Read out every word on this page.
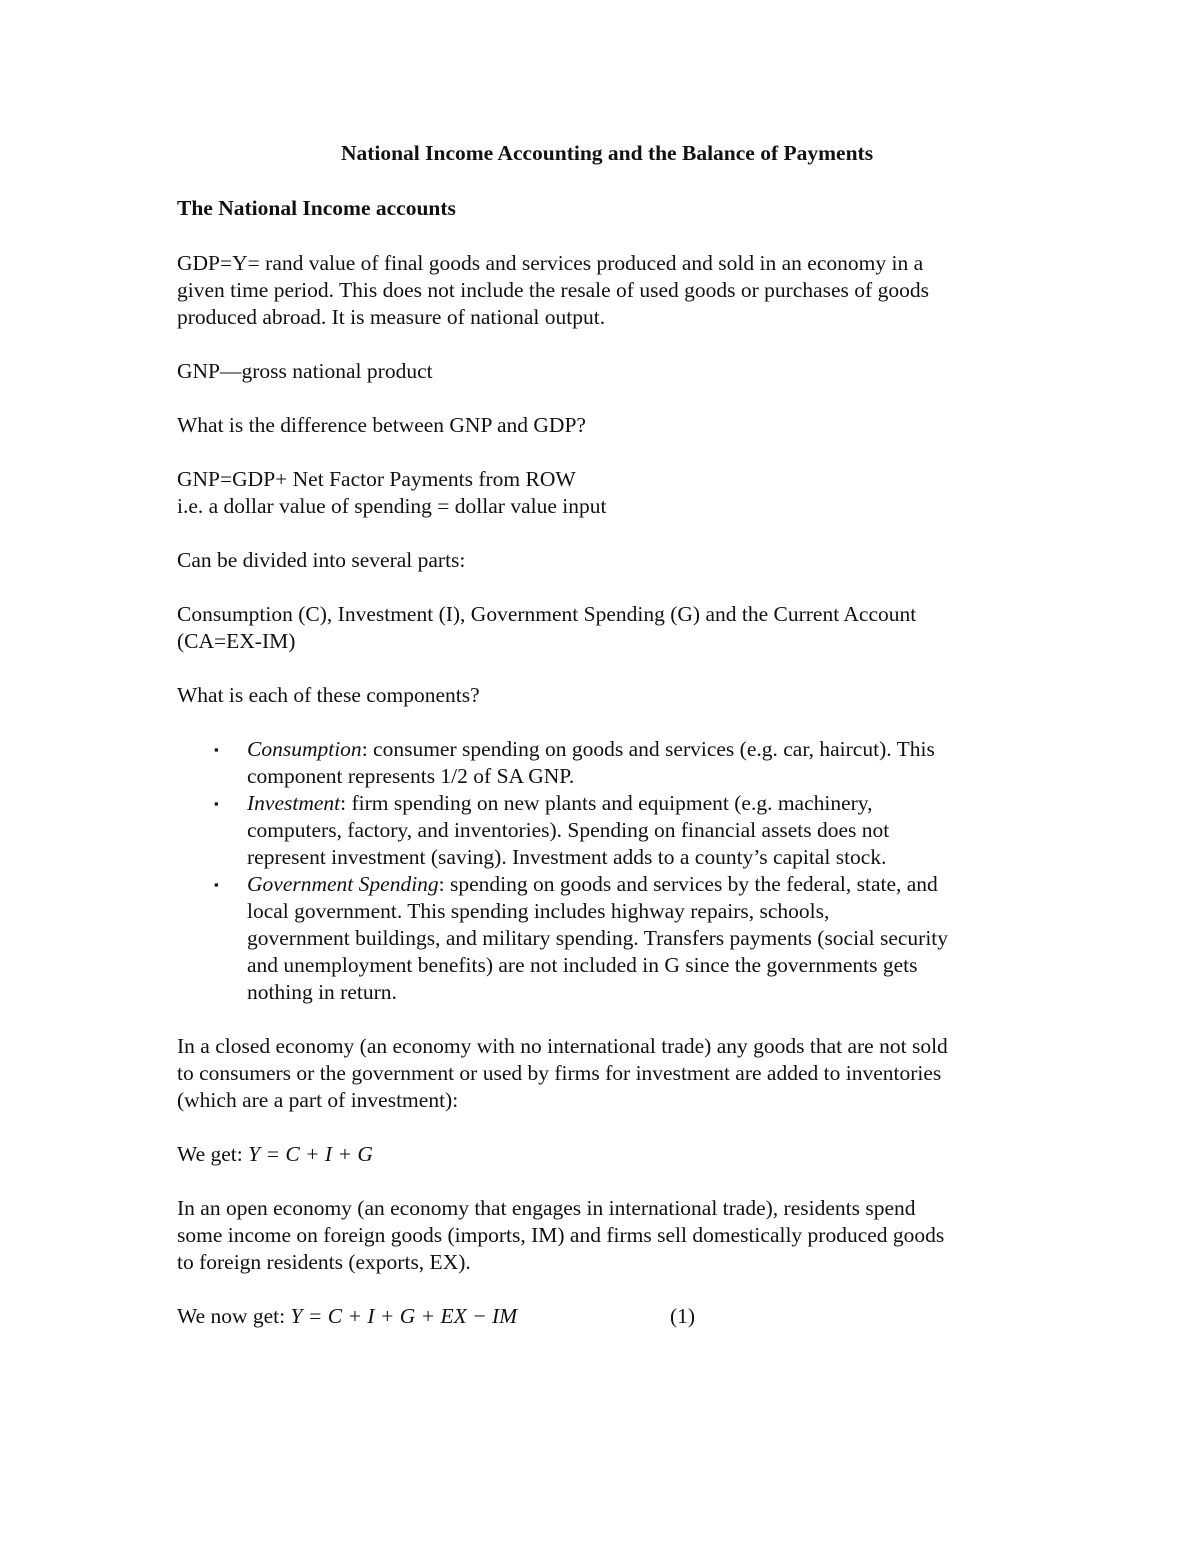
National Income Accounting and the Balance of Payments
The National Income accounts

GDP=Y= rand value of final goods and services produced and sold in an economy in a
given time period. This does not include the resale of used goods or purchases of goods
produced abroad. It is measure of national output.

GNP—gross national product

What is the difference between GNP and GDP?

GNP=GDP+ Net Factor Payments from ROW
i.e. a dollar value of spending = dollar value input

Can be divided into several parts:

Consumption (C), Investment (I), Government Spending (G) and the Current Account
(CA=EX-IM)

What is each of these components?

▪ Consumption: consumer spending on goods and services (e.g. car, haircut). This
component represents 1/2 of SA GNP.
▪ Investment: firm spending on new plants and equipment (e.g. machinery,
computers, factory, and inventories). Spending on financial assets does not
represent investment (saving). Investment adds to a county’s capital stock.
▪ Government Spending: spending on goods and services by the federal, state, and
local government. This spending includes highway repairs, schools,
government buildings, and military spending. Transfers payments (social security
and unemployment benefits) are not included in G since the governments gets
nothing in return.

In a closed economy (an economy with no international trade) any goods that are not sold
to consumers or the government or used by firms for investment are added to inventories
(which are a part of investment):

We get: Y = C + I + G

In an open economy (an economy that engages in international trade), residents spend
some income on foreign goods (imports, IM) and firms sell domestically produced goods
to foreign residents (exports, EX).

We now get: Y = C + I + G + EX − IM	(1)
